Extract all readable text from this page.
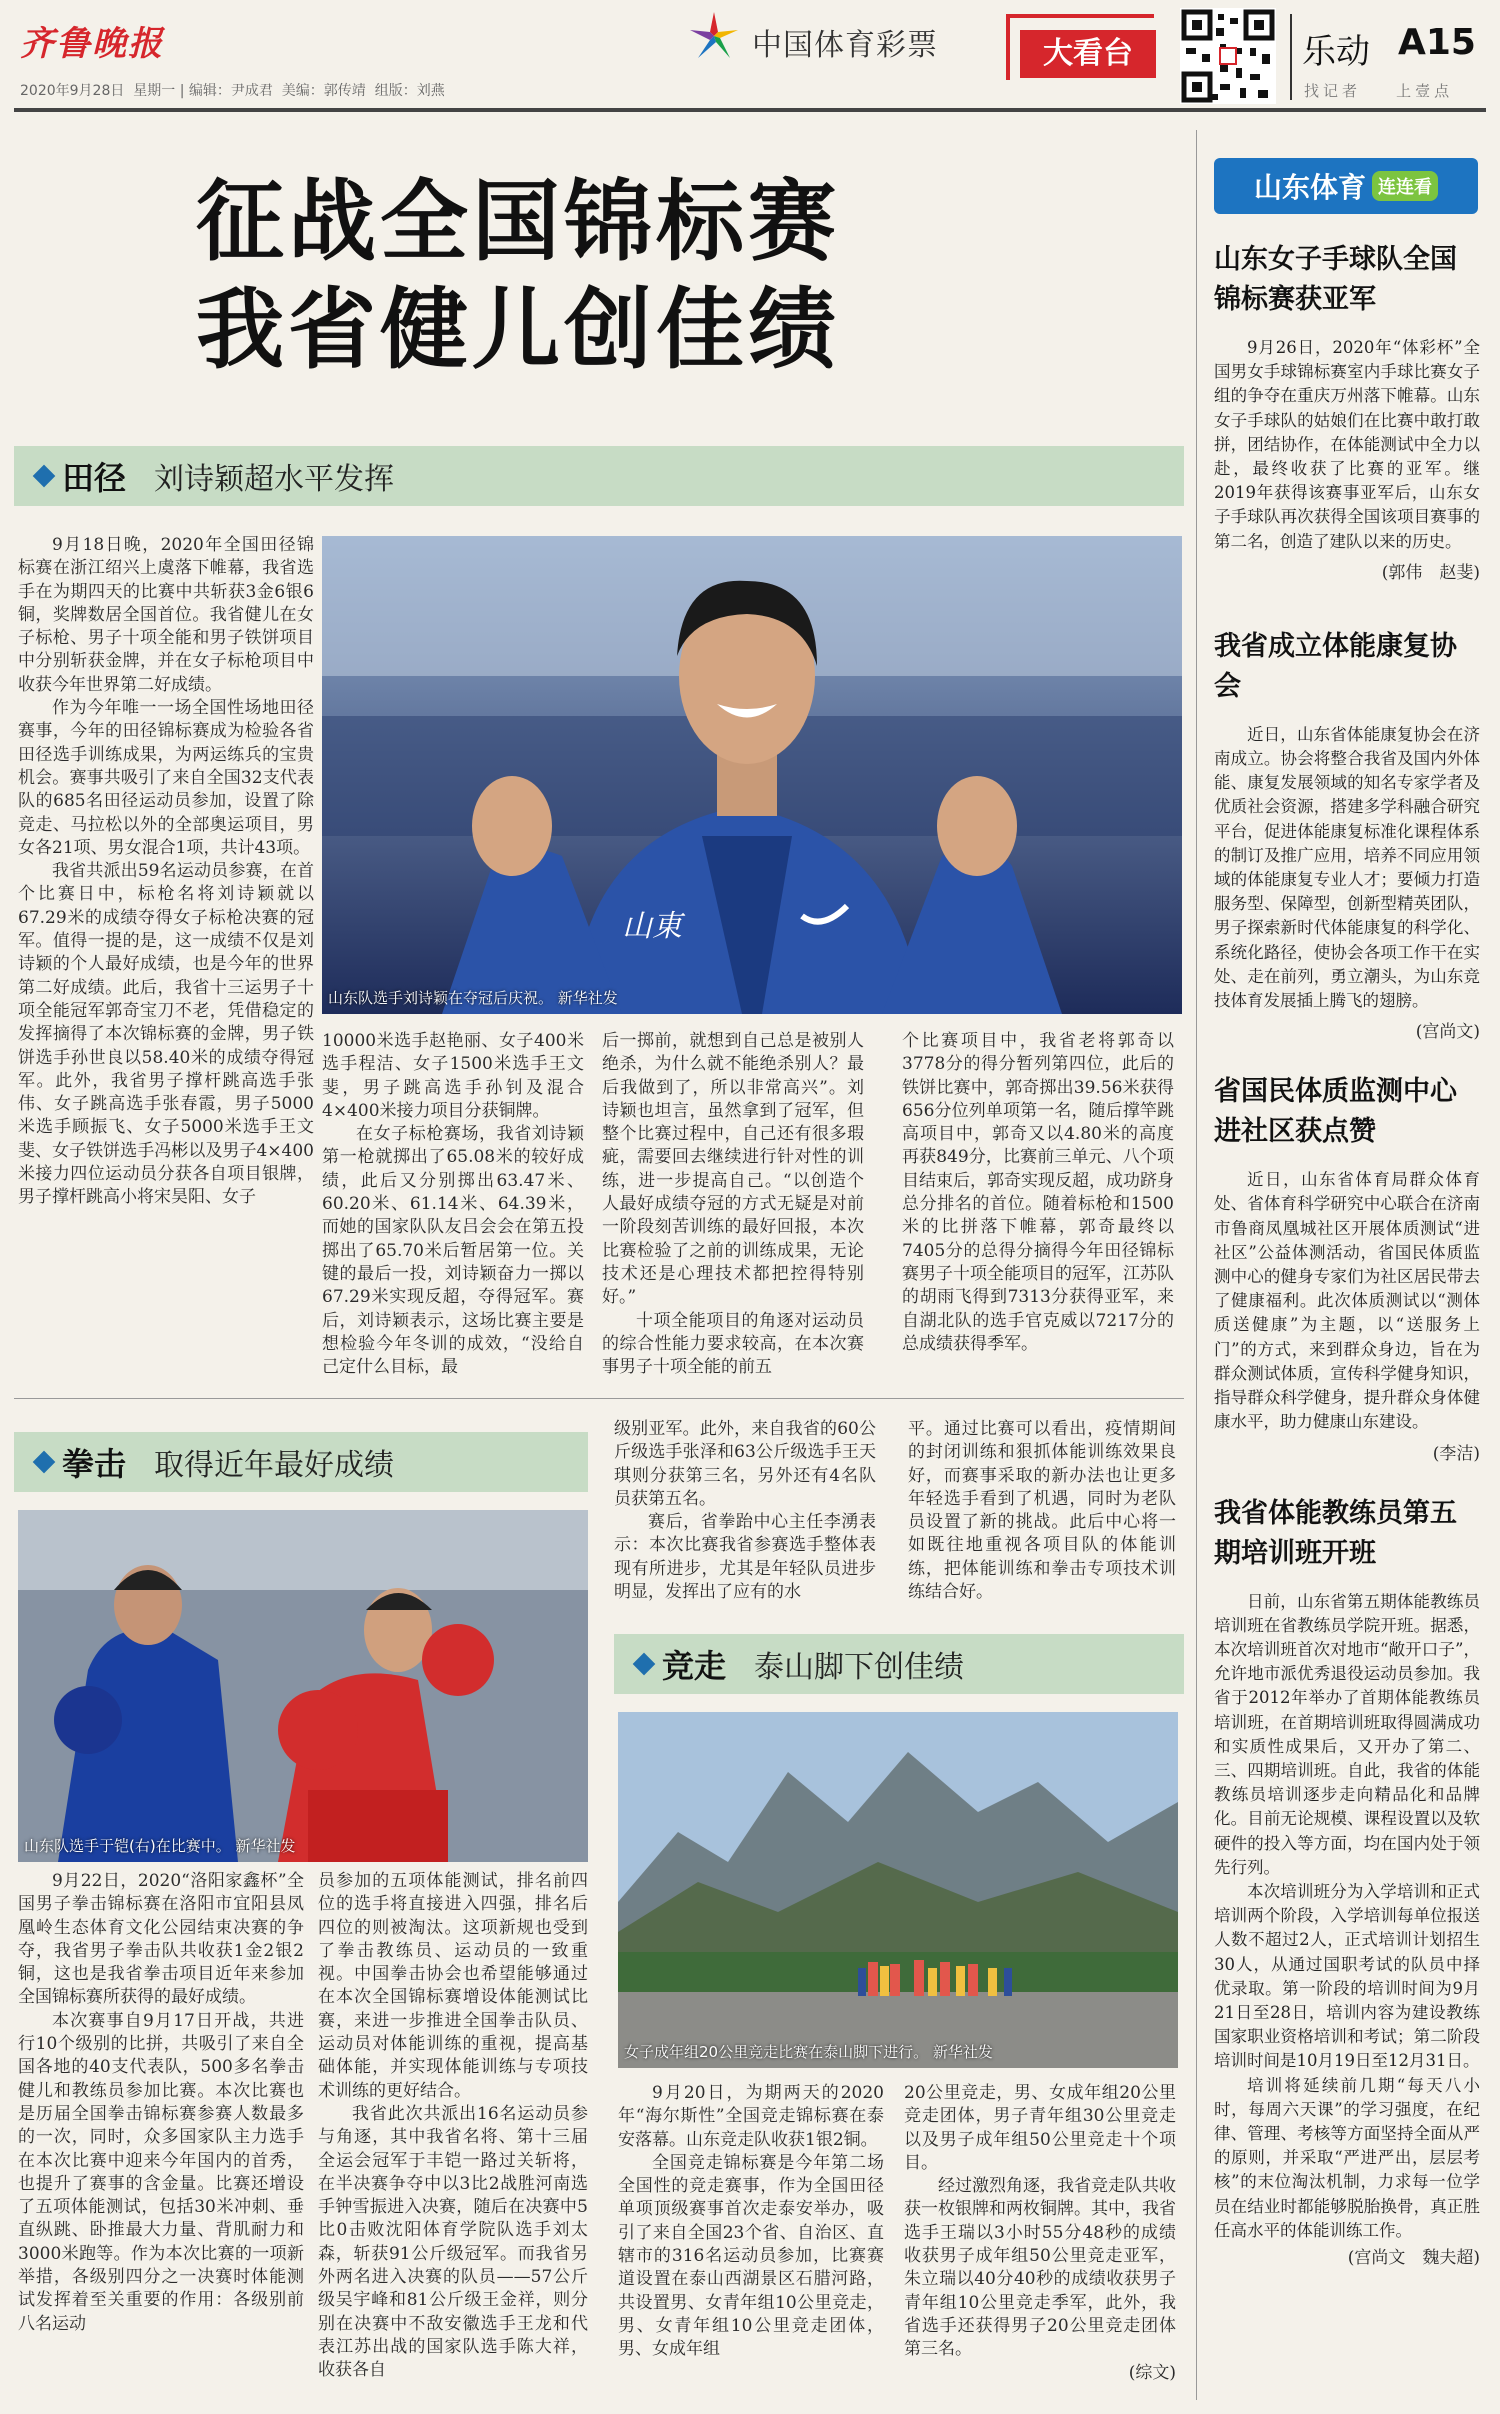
齐鲁晚报
2020年9月28日 星期一 | 编辑：尹成君 美编：郭传靖 组版：刘燕
中国体育彩票	大看台	乐动 A15
找记者 上壹点
征战全国锦标赛
我省健儿创佳绩
田径 刘诗颖超水平发挥

9月18日晚，2020年全国田径锦标赛在浙江绍兴上虞落下帷幕，我省选手在为期四天的比赛中共斩获3金6银6铜，奖牌数居全国首位。我省健儿在女子标枪、男子十项全能和男子铁饼项目中分别斩获金牌，并在女子标枪项目中收获今年世界第二好成绩。

作为今年唯一一场全国性场地田径赛事，今年的田径锦标赛成为检验各省田径选手训练成果，为两运练兵的宝贵机会。赛事共吸引了来自全国32支代表队的685名田径运动员参加，设置了除竞走、马拉松以外的全部奥运项目，男女各21项、男女混合1项，共计43项。

我省共派出59名运动员参赛，在首个比赛日中，标枪名将刘诗颖就以67.29米的成绩夺得女子标枪决赛的冠军。值得一提的是，这一成绩不仅是刘诗颖的个人最好成绩，也是今年的世界第二好成绩。此后，我省十三运男子十项全能冠军郭奇宝刀不老，凭借稳定的发挥摘得了本次锦标赛的金牌，男子铁饼选手孙世良以58.40米的成绩夺得冠军。此外，我省男子撑杆跳高选手张伟、女子跳高选手张春霞，男子5000米选手顾振飞、女子5000米选手王文斐、女子铁饼选手冯彬以及男子4×400米接力四位运动员分获各自项目银牌，男子撑杆跳高小将宋昊阳、女子

山東
山东队选手刘诗颖在夺冠后庆祝。 新华社发

10000米选手赵艳丽、女子400米选手程洁、女子1500米选手王文斐，男子跳高选手孙钊及混合4×400米接力项目分获铜牌。

在女子标枪赛场，我省刘诗颖第一枪就掷出了65.08米的较好成绩，此后又分别掷出63.47米、60.20米、61.14米、64.39米，而她的国家队队友吕会会在第五投掷出了65.70米后暂居第一位。关键的最后一投，刘诗颖奋力一掷以67.29米实现反超，夺得冠军。赛后，刘诗颖表示，这场比赛主要是想检验今年冬训的成效，“没给自己定什么目标，最

后一掷前，就想到自己总是被别人绝杀，为什么就不能绝杀别人？最后我做到了，所以非常高兴”。刘诗颖也坦言，虽然拿到了冠军，但整个比赛过程中，自己还有很多瑕疵，需要回去继续进行针对性的训练，进一步提高自己。“以创造个人最好成绩夺冠的方式无疑是对前一阶段刻苦训练的最好回报，本次比赛检验了之前的训练成果，无论技术还是心理技术都把控得特别好。”

十项全能项目的角逐对运动员的综合性能力要求较高，在本次赛事男子十项全能的前五

个比赛项目中，我省老将郭奇以3778分的得分暂列第四位，此后的铁饼比赛中，郭奇掷出39.56米获得656分位列单项第一名，随后撑竿跳高项目中，郭奇又以4.80米的高度再获849分，比赛前三单元、八个项目结束后，郭奇实现反超，成功跻身总分排名的首位。随着标枪和1500米的比拼落下帷幕，郭奇最终以7405分的总得分摘得今年田径锦标赛男子十项全能项目的冠军，江苏队的胡雨飞得到7313分获得亚军，来自湖北队的选手官克威以7217分的总成绩获得季军。

拳击 取得近年最好成绩

级别亚军。此外，来自我省的60公斤级选手张泽和63公斤级选手王天琪则分获第三名，另外还有4名队员获第五名。

赛后，省拳跆中心主任李湧表示：本次比赛我省参赛选手整体表现有所进步，尤其是年轻队员进步明显，发挥出了应有的水

平。通过比赛可以看出，疫情期间的封闭训练和狠抓体能训练效果良好，而赛事采取的新办法也让更多年轻选手看到了机遇，同时为老队员设置了新的挑战。此后中心将一如既往地重视各项目队的体能训练，把体能训练和拳击专项技术训练结合好。

山东队选手于铠(右)在比赛中。 新华社发

9月22日，2020“洛阳家鑫杯”全国男子拳击锦标赛在洛阳市宜阳县凤凰岭生态体育文化公园结束决赛的争夺，我省男子拳击队共收获1金2银2铜，这也是我省拳击项目近年来参加全国锦标赛所获得的最好成绩。

本次赛事自9月17日开战，共进行10个级别的比拼，共吸引了来自全国各地的40支代表队，500多名拳击健儿和教练员参加比赛。本次比赛也是历届全国拳击锦标赛参赛人数最多的一次，同时，众多国家队主力选手在本次比赛中迎来今年国内的首秀，也提升了赛事的含金量。比赛还增设了五项体能测试，包括30米冲刺、垂直纵跳、卧推最大力量、背肌耐力和3000米跑等。作为本次比赛的一项新举措，各级别四分之一决赛时体能测试发挥着至关重要的作用：各级别前八名运动

员参加的五项体能测试，排名前四位的选手将直接进入四强，排名后四位的则被淘汰。这项新规也受到了拳击教练员、运动员的一致重视。中国拳击协会也希望能够通过在本次全国锦标赛增设体能测试比赛，来进一步推进全国拳击队员、运动员对体能训练的重视，提高基础体能，并实现体能训练与专项技术训练的更好结合。

我省此次共派出16名运动员参与角逐，其中我省名将、第十三届全运会冠军于丰铠一路过关斩将，在半决赛争夺中以3比2战胜河南选手钟雪振进入决赛，随后在决赛中5比0击败沈阳体育学院队选手刘太森，斩获91公斤级冠军。而我省另外两名进入决赛的队员——57公斤级吴宇峰和81公斤级王金祥，则分别在决赛中不敌安徽选手王龙和代表江苏出战的国家队选手陈大祥，收获各自

竞走 泰山脚下创佳绩
女子成年组20公里竞走比赛在泰山脚下进行。 新华社发

9月20日，为期两天的2020年“海尔斯性”全国竞走锦标赛在泰安落幕。山东竞走队收获1银2铜。

全国竞走锦标赛是今年第二场全国性的竞走赛事，作为全国田径单项顶级赛事首次走泰安举办，吸引了来自全国23个省、自治区、直辖市的316名运动员参加，比赛赛道设置在泰山西湖景区石腊河路，共设置男、女青年组10公里竞走，男、女青年组10公里竞走团体，男、女成年组

20公里竞走，男、女成年组20公里竞走团体，男子青年组30公里竞走以及男子成年组50公里竞走十个项目。

经过激烈角逐，我省竞走队共收获一枚银牌和两枚铜牌。其中，我省选手王瑞以3小时55分48秒的成绩收获男子成年组50公里竞走亚军，朱立瑞以40分40秒的成绩收获男子青年组10公里竞走季军，此外，我省选手还获得男子20公里竞走团体第三名。

(综文)
山东体育 连连看
山东女子手球队全国锦标赛获亚军

9月26日，2020年“体彩杯”全国男女手球锦标赛室内手球比赛女子组的争夺在重庆万州落下帷幕。山东女子手球队的姑娘们在比赛中敢打敢拼，团结协作，在体能测试中全力以赴，最终收获了比赛的亚军。继2019年获得该赛事亚军后，山东女子手球队再次获得全国该项目赛事的第二名，创造了建队以来的历史。

(郭伟　赵斐)
我省成立体能康复协会

近日，山东省体能康复协会在济南成立。协会将整合我省及国内外体能、康复发展领域的知名专家学者及优质社会资源，搭建多学科融合研究平台，促进体能康复标准化课程体系的制订及推广应用，培养不同应用领域的体能康复专业人才；要倾力打造服务型、保障型，创新型精英团队，男子探索新时代体能康复的科学化、系统化路径，使协会各项工作干在实处、走在前列，勇立潮头，为山东竞技体育发展插上腾飞的翅膀。

(宫尚文)
省国民体质监测中心进社区获点赞

近日，山东省体育局群众体育处、省体育科学研究中心联合在济南市鲁商凤凰城社区开展体质测试“进社区”公益体测活动，省国民体质监测中心的健身专家们为社区居民带去了健康福利。此次体质测试以“测体质送健康”为主题，以“送服务上门”的方式，来到群众身边，旨在为群众测试体质，宣传科学健身知识，指导群众科学健身，提升群众身体健康水平，助力健康山东建设。

(李洁)
我省体能教练员第五期培训班开班

日前，山东省第五期体能教练员培训班在省教练员学院开班。据悉，本次培训班首次对地市“敞开口子”，允许地市派优秀退役运动员参加。我省于2012年举办了首期体能教练员培训班，在首期培训班取得圆满成功和实质性成果后，又开办了第二、三、四期培训班。自此，我省的体能教练员培训逐步走向精品化和品牌化。目前无论规模、课程设置以及软硬件的投入等方面，均在国内处于领先行列。

本次培训班分为入学培训和正式培训两个阶段，入学培训每单位报送人数不超过2人，正式培训计划招生30人，从通过国职考试的队员中择优录取。第一阶段的培训时间为9月21日至28日，培训内容为建设教练国家职业资格培训和考试；第二阶段培训时间是10月19日至12月31日。

培训将延续前几期“每天八小时，每周六天课”的学习强度，在纪律、管理、考核等方面坚持全面从严的原则，并采取“严进严出，层层考核”的末位淘汰机制，力求每一位学员在结业时都能够脱胎换骨，真正胜任高水平的体能训练工作。

(宫尚文　魏夫超)
